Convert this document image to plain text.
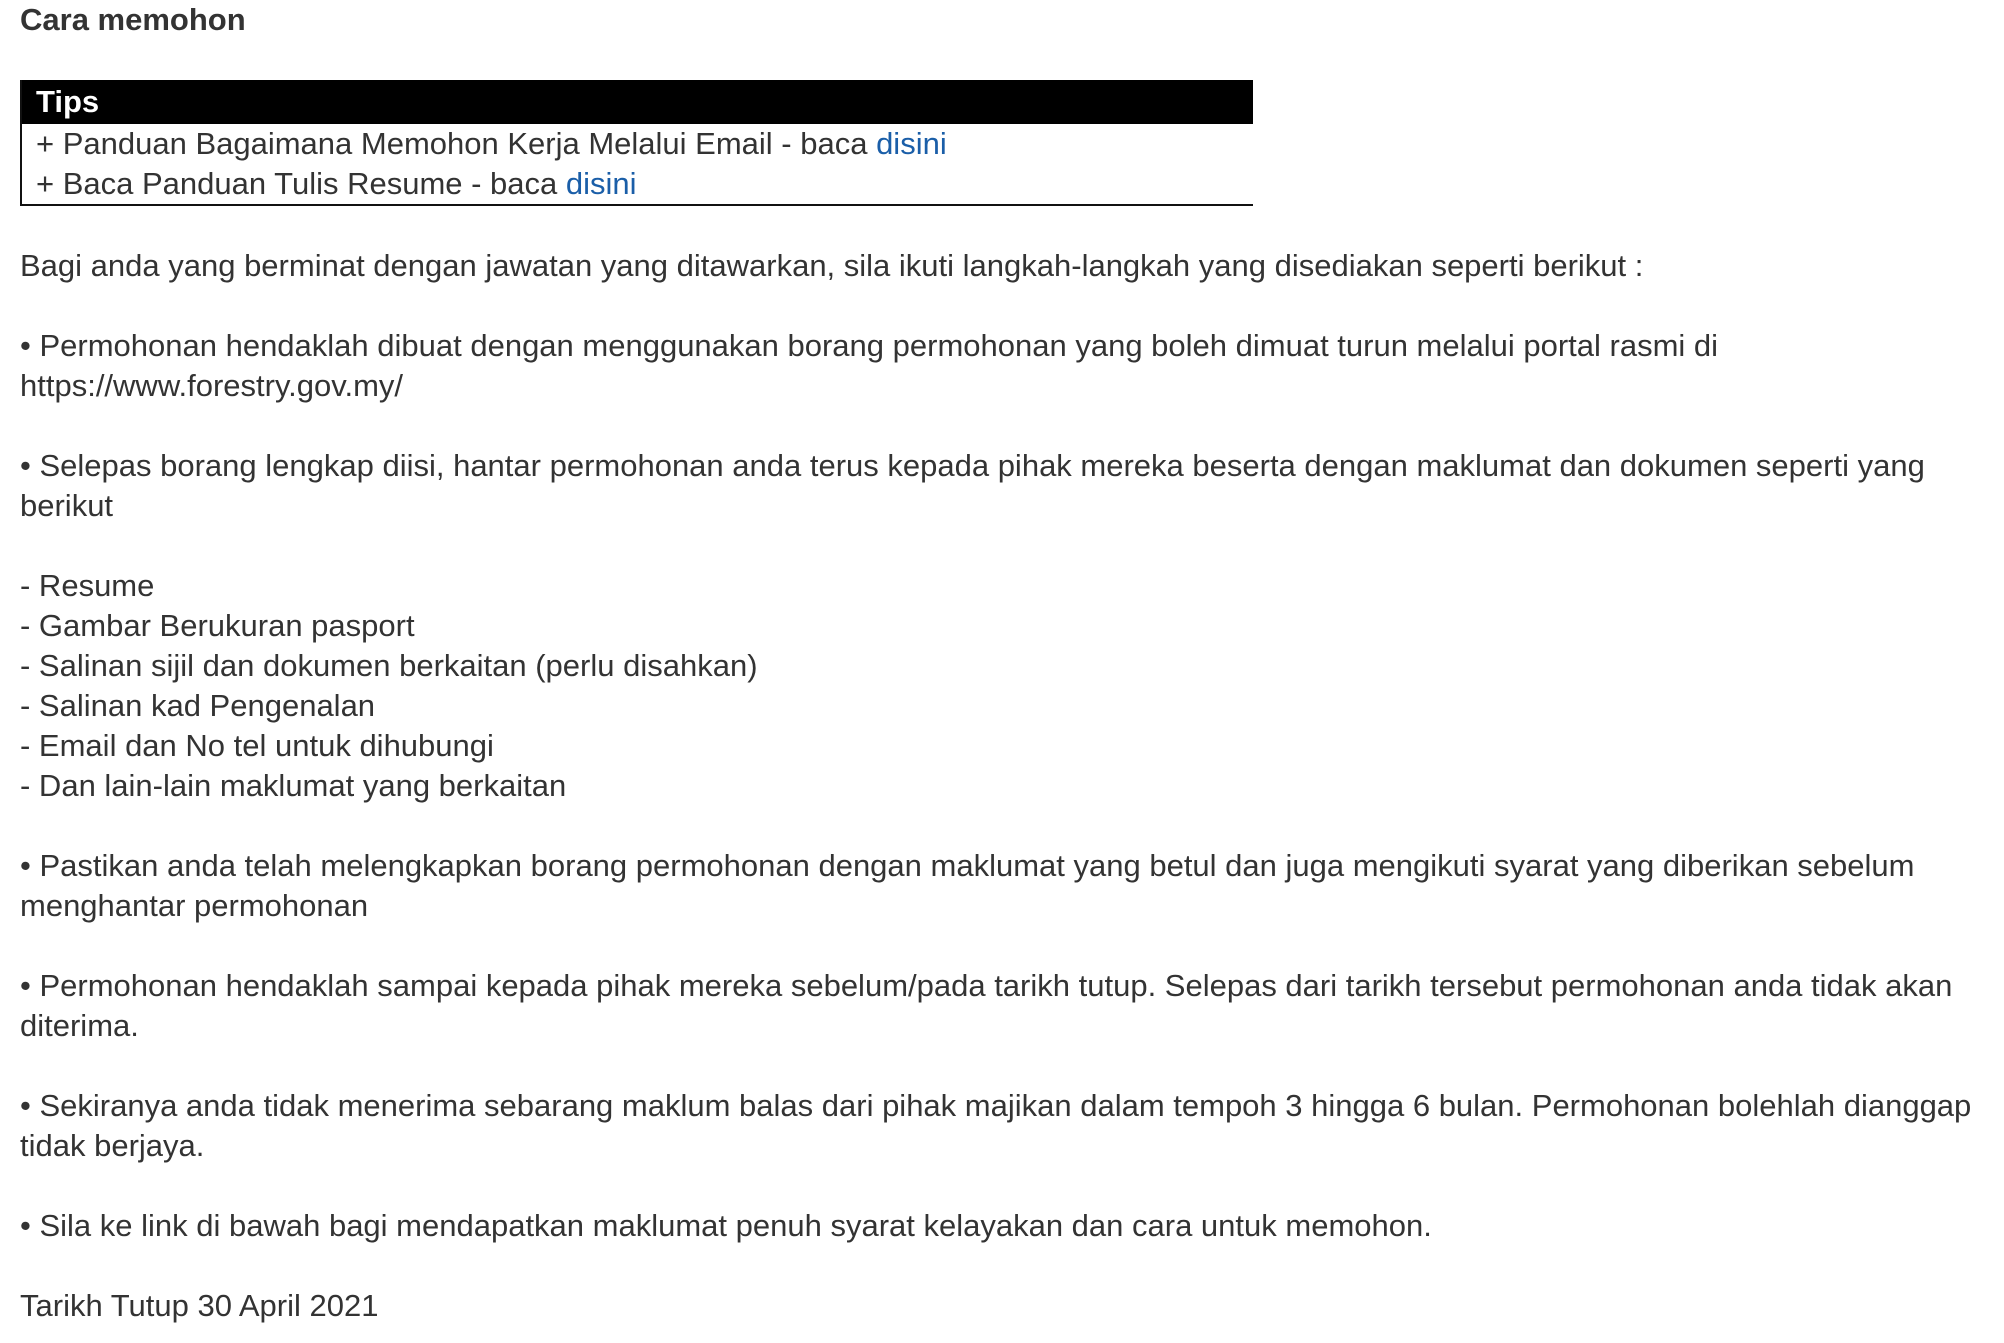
Cara memohon
Tips
+ Panduan Bagaimana Memohon Kerja Melalui Email - baca disini
+ Baca Panduan Tulis Resume - baca disini

Bagi anda yang berminat dengan jawatan yang ditawarkan, sila ikuti langkah-langkah yang disediakan seperti berikut :

• Permohonan hendaklah dibuat dengan menggunakan borang permohonan yang boleh dimuat turun melalui portal rasmi di https://www.forestry.gov.my/

• Selepas borang lengkap diisi, hantar permohonan anda terus kepada pihak mereka beserta dengan maklumat dan dokumen seperti yang berikut

- Resume

- Gambar Berukuran pasport

- Salinan sijil dan dokumen berkaitan (perlu disahkan)

- Salinan kad Pengenalan

- Email dan No tel untuk dihubungi

- Dan lain-lain maklumat yang berkaitan

• Pastikan anda telah melengkapkan borang permohonan dengan maklumat yang betul dan juga mengikuti syarat yang diberikan sebelum menghantar permohonan

• Permohonan hendaklah sampai kepada pihak mereka sebelum/pada tarikh tutup. Selepas dari tarikh tersebut permohonan anda tidak akan diterima.

• Sekiranya anda tidak menerima sebarang maklum balas dari pihak majikan dalam tempoh 3 hingga 6 bulan. Permohonan bolehlah dianggap tidak berjaya.

• Sila ke link di bawah bagi mendapatkan maklumat penuh syarat kelayakan dan cara untuk memohon.

Tarikh Tutup 30 April 2021
